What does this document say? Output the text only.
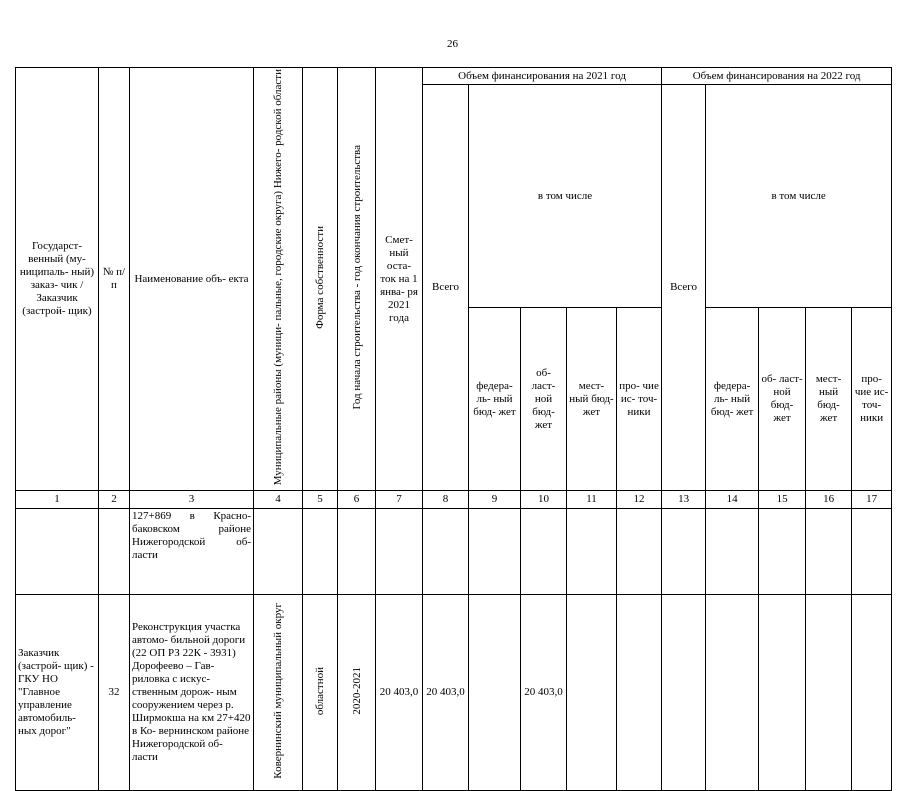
26
Государст- венный (му- ниципаль- ный) заказ- чик / Заказчик (застрой- щик)	№ п/п	Наименование объ- екта	Муниципальные районы (муници- пальные, городские округа) Нижего- родской области	Форма собственности	Год начала строительства - год окончания строительства	Смет- ный оста- ток на 1 янва- ря 2021 года	Объем финансирования на 2021 год					Объем финансирования на 2022 год				
							Всего	в том числе				Всего	в том числе			
								федера- ль- ный бюд- жет	об- ласт- ной бюд- жет	мест- ный бюд- жет	про- чие ис- точ- ники		федера- ль- ный бюд- жет	об- ласт- ной бюд- жет	мест- ный бюд- жет	про- чие ис- точ- ники
1	2	3	4	5	6	7	8	9	10	11	12	13	14	15	16	17
		127+869 в Красно- баковском районе Нижегородской об- ласти														
Заказчик (застрой- щик) - ГКУ НО "Главное управление автомобиль- ных дорог"	32	Реконструкция участка автомо- бильной дороги (22 ОП РЗ 22К - 3931) Дорофеево – Гав- риловка с искус- ственным дорож- ным сооружением через р. Ширмокша на км 27+420 в Ко- вернинском районе Нижегородской об- ласти	Ковернинский муниципальный округ	областной	2020-2021	20 403,0	20 403,0		20 403,0							
